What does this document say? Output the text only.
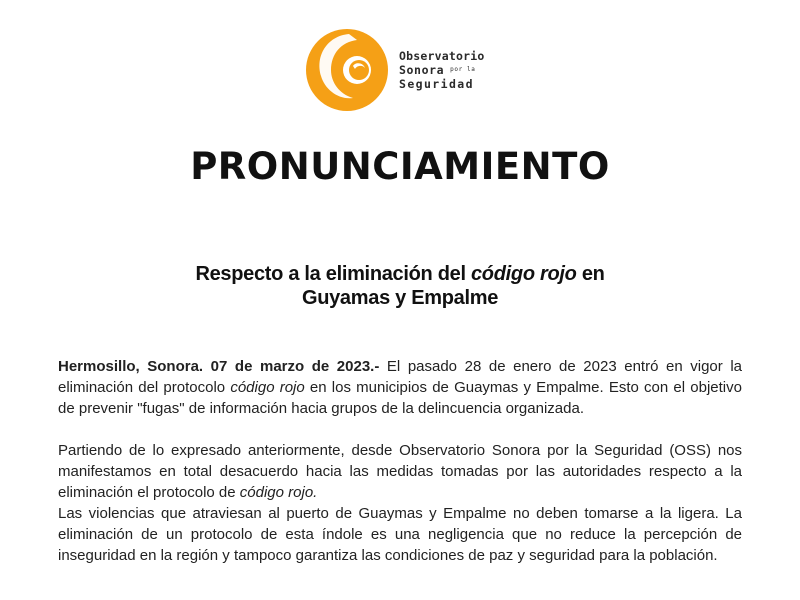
Observatorio
Sonora por la
Seguridad
PRONUNCIAMIENTO
Respecto a la eliminación del código rojo en
Guyamas y Empalme

Hermosillo, Sonora. 07 de marzo de 2023.- El pasado 28 de enero de 2023 entró en vigor la eliminación del protocolo código rojo en los municipios de Guaymas y Empalme. Esto con el objetivo de prevenir "fugas" de información hacia grupos de la delincuencia organizada.

Partiendo de lo expresado anteriormente, desde Observatorio Sonora por la Seguridad (OSS) nos manifestamos en total desacuerdo hacia las medidas tomadas por las autoridades respecto a la eliminación el protocolo de código rojo.

Las violencias que atraviesan al puerto de Guaymas y Empalme no deben tomarse a la ligera. La eliminación de un protocolo de esta índole es una negligencia que no reduce la percepción de inseguridad en la región y tampoco garantiza las condiciones de paz y seguridad para la población.
